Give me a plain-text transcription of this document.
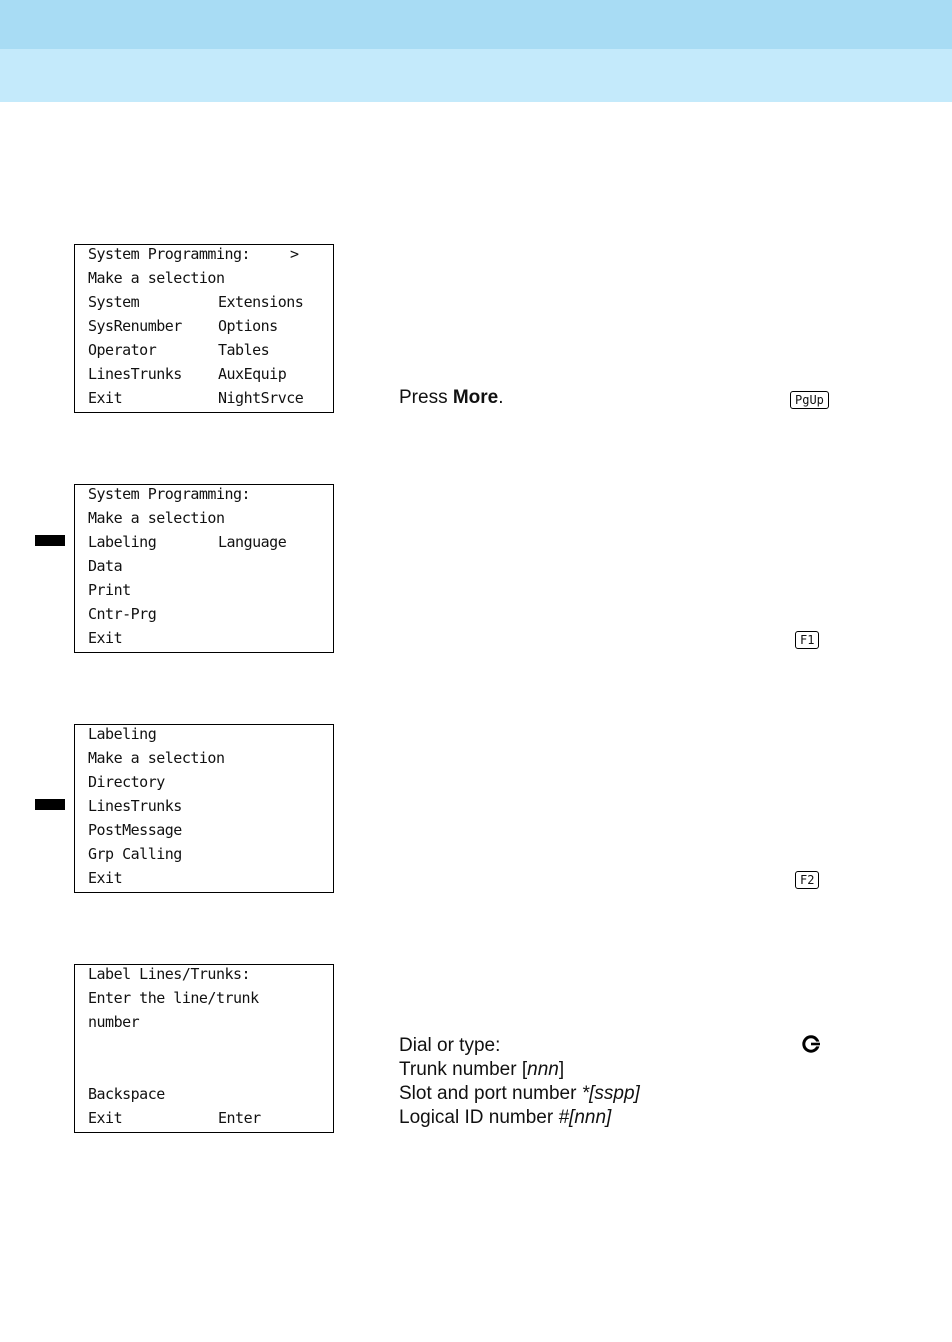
System Programming:	>
Make a selection
System	Extensions
SysRenumber Options
Operator	Tables
LinesTrunks AuxEquip
Exit	NightSrvce	Press More.	PgUp
System Programming:
Make a selection
Labeling	Language
Data
Print
Cntr-Prg
Exit	F1
Labeling
Make a selection
Directory
LinesTrunks
PostMessage
Grp Calling
Exit	F2
Label Lines/Trunks:
Enter the line/trunk
number
Backspace
Exit	Enter
Dial or type:
Trunk number [nnn]
Slot and port number *[sspp]
Logical ID number #[nnn]
